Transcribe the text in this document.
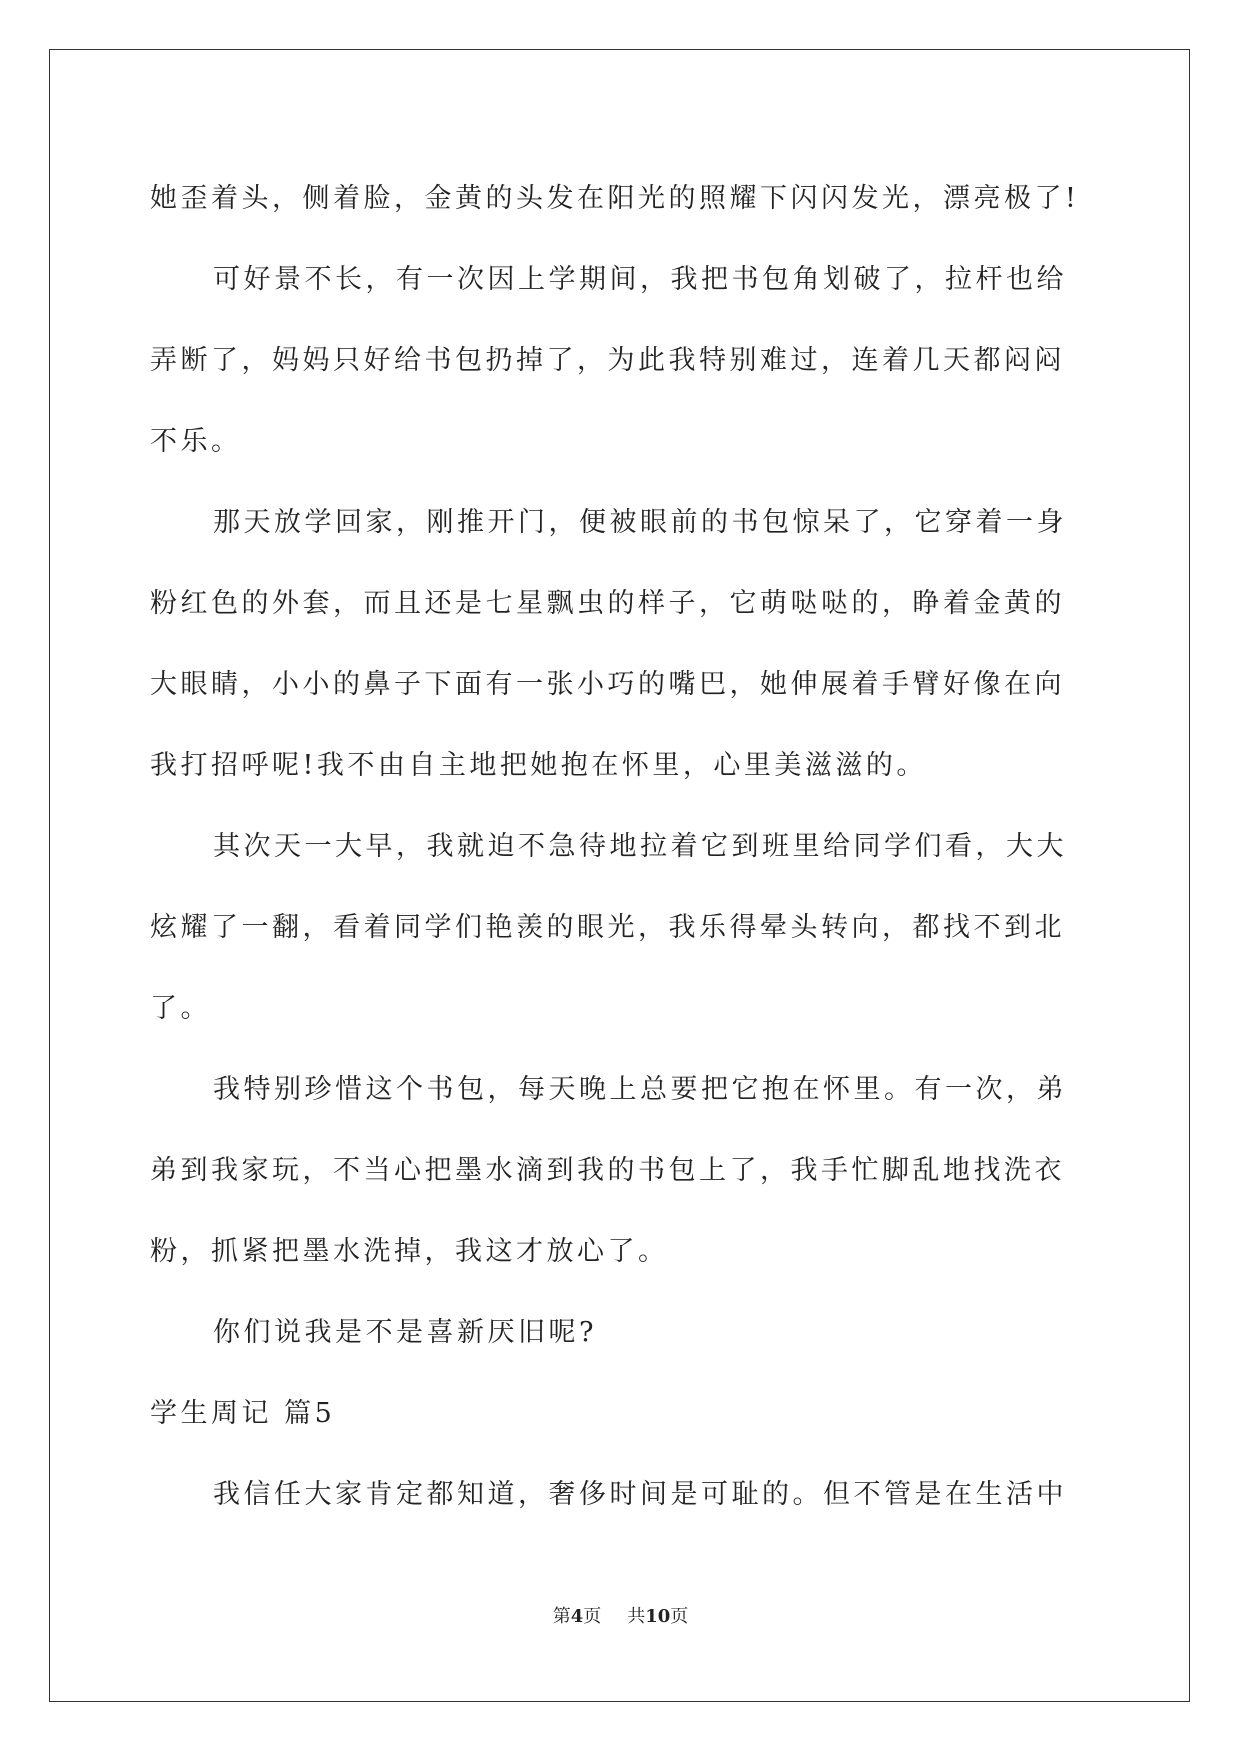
她歪着头，侧着脸，金黄的头发在阳光的照耀下闪闪发光，漂亮极了!
可好景不长，有一次因上学期间，我把书包角划破了，拉杆也给
弄断了，妈妈只好给书包扔掉了，为此我特别难过，连着几天都闷闷
不乐。
那天放学回家，刚推开门，便被眼前的书包惊呆了，它穿着一身
粉红色的外套，而且还是七星飘虫的样子，它萌哒哒的，睁着金黄的
大眼睛，小小的鼻子下面有一张小巧的嘴巴，她伸展着手臂好像在向
我打招呼呢!我不由自主地把她抱在怀里，心里美滋滋的。
其次天一大早，我就迫不急待地拉着它到班里给同学们看，大大
炫耀了一翻，看着同学们艳羡的眼光，我乐得晕头转向，都找不到北
了。
我特别珍惜这个书包，每天晚上总要把它抱在怀里。有一次，弟
弟到我家玩，不当心把墨水滴到我的书包上了，我手忙脚乱地找洗衣
粉，抓紧把墨水洗掉，我这才放心了。
你们说我是不是喜新厌旧呢?
学生周记 篇5
我信任大家肯定都知道，奢侈时间是可耻的。但不管是在生活中
第4页 共10页
